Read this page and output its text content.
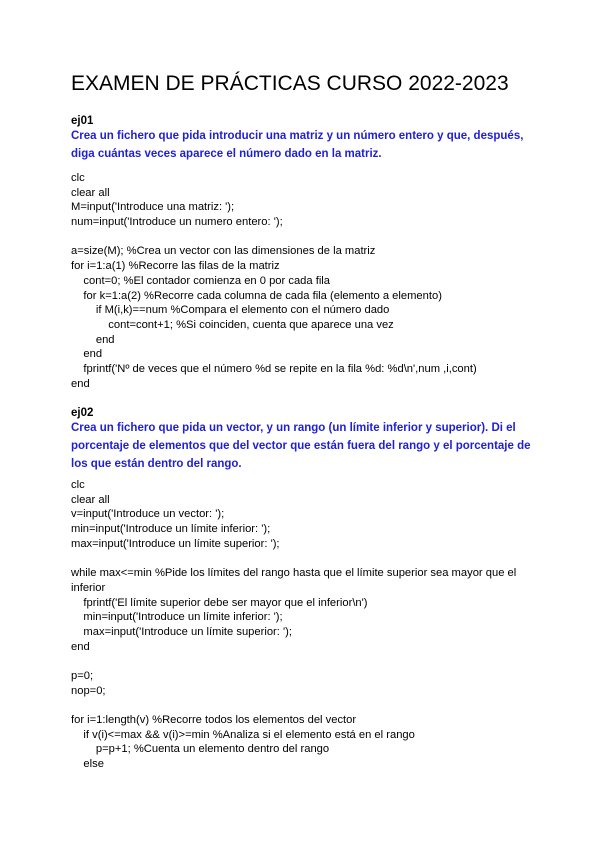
EXAMEN DE PRÁCTICAS CURSO 2022-2023
ej01
Crea un fichero que pida introducir una matriz y un número entero y que, después, diga cuántas veces aparece el número dado en la matriz.
clc
clear all
M=input('Introduce una matriz: ');
num=input('Introduce un numero entero: ');
a=size(M); %Crea un vector con las dimensiones de la matriz
for i=1:a(1) %Recorre las filas de la matriz
cont=0; %El contador comienza en 0 por cada fila
for k=1:a(2) %Recorre cada columna de cada fila (elemento a elemento)
if M(i,k)==num %Compara el elemento con el número dado
cont=cont+1; %Si coinciden, cuenta que aparece una vez
end
end
fprintf('Nº de veces que el número %d se repite en la fila %d: %d\n',num ,i,cont)
end
ej02
Crea un fichero que pida un vector, y un rango (un límite inferior y superior). Di el porcentaje de elementos que del vector que están fuera del rango y el porcentaje de los que están dentro del rango.
clc
clear all
v=input('Introduce un vector: ');
min=input('Introduce un límite inferior: ');
max=input('Introduce un límite superior: ');
while max<=min %Pide los límites del rango hasta que el límite superior sea mayor que el
inferior
fprintf('El límite superior debe ser mayor que el inferior\n')
min=input('Introduce un límite inferior: ');
max=input('Introduce un límite superior: ');
end
p=0;
nop=0;
for i=1:length(v) %Recorre todos los elementos del vector
if v(i)<=max && v(i)>=min %Analiza si el elemento está en el rango
p=p+1; %Cuenta un elemento dentro del rango
else
